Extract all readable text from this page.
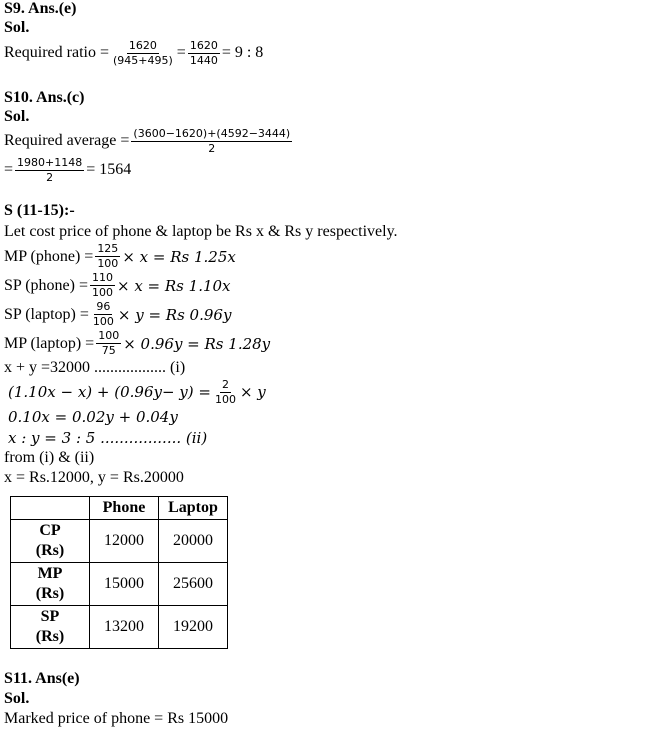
S9. Ans.(e)
Sol.
Required ratio = $\frac{1620}{(945+495)} = \frac{1620}{1440} = 9$ : 8
S10. Ans.(c)
Sol.
Required average = $\frac{(3600-1620)+(4592-3444)}{2}$
= $\frac{1980+1148}{2} = 1564$
S (11-15):-
Let cost price of phone & laptop be Rs x & Rs y respectively.
MP (phone) = $\frac{125}{100} \times x = Rs$ 1.25x
SP (phone) = $\frac{110}{100} \times x = Rs$ 1.10x
SP (laptop) = $\frac{96}{100} \times y = Rs$ 0.96y
MP (laptop) = $\frac{100}{75} \times 0.96y = Rs$ 1.28y
x + y =32000 .................. (i)
$(1.10x - x) + (0.96y- y) = \frac{2}{100} \times y$
0.10x = 0.02y + 0.04y
x : y = 3 : 5 ................. (ii)
from (i) & (ii)
x = Rs.12000, y = Rs.20000
	Phone	Laptop

CP
(Rs)	12000	20000

MP
(Rs)	15000	25600

SP
(Rs)	13200	19200
S11. Ans(e)
Sol.
Marked price of phone = Rs 15000
